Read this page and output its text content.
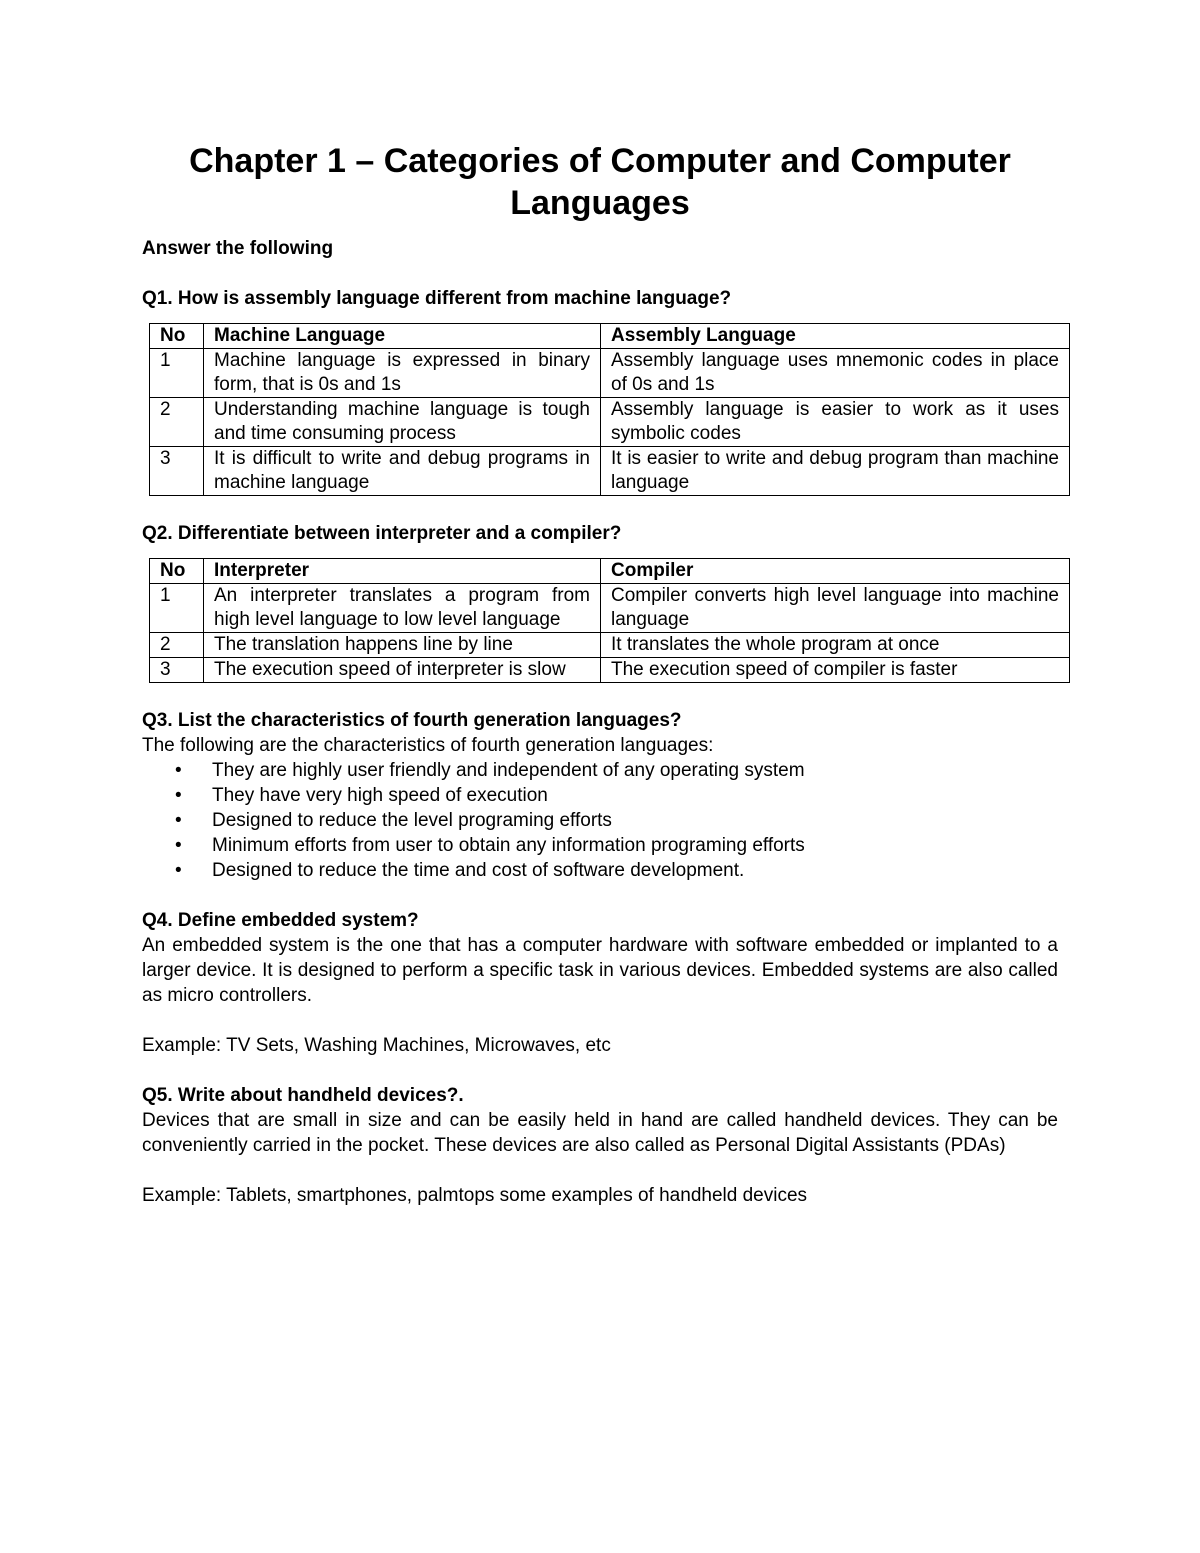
Chapter 1 – Categories of Computer and Computer
Languages
Answer the following
Q1. How is assembly language different from machine language?
No	Machine Language	Assembly Language
1	Machine language is expressed in binary form, that is 0s and 1s	Assembly language uses mnemonic codes in place of 0s and 1s
2	Understanding machine language is tough and time consuming process	Assembly language is easier to work as it uses symbolic codes
3	It is difficult to write and debug programs in machine language	It is easier to write and debug program than machine language
Q2. Differentiate between interpreter and a compiler?
No	Interpreter	Compiler
1	An interpreter translates a program from high level language to low level language	Compiler converts high level language into machine language
2	The translation happens line by line	It translates the whole program at once
3	The execution speed of interpreter is slow	The execution speed of compiler is faster
Q3. List the characteristics of fourth generation languages?
The following are the characteristics of fourth generation languages:
• They are highly user friendly and independent of any operating system
• They have very high speed of execution
• Designed to reduce the level programing efforts
• Minimum efforts from user to obtain any information programing efforts
• Designed to reduce the time and cost of software development.
Q4. Define embedded system?
An embedded system is the one that has a computer hardware with software embedded or implanted to a larger device. It is designed to perform a specific task in various devices. Embedded systems are also called as micro controllers.
Example: TV Sets, Washing Machines, Microwaves, etc
Q5. Write about handheld devices?.
Devices that are small in size and can be easily held in hand are called handheld devices. They can be conveniently carried in the pocket. These devices are also called as Personal Digital Assistants (PDAs)
Example: Tablets, smartphones, palmtops some examples of handheld devices
